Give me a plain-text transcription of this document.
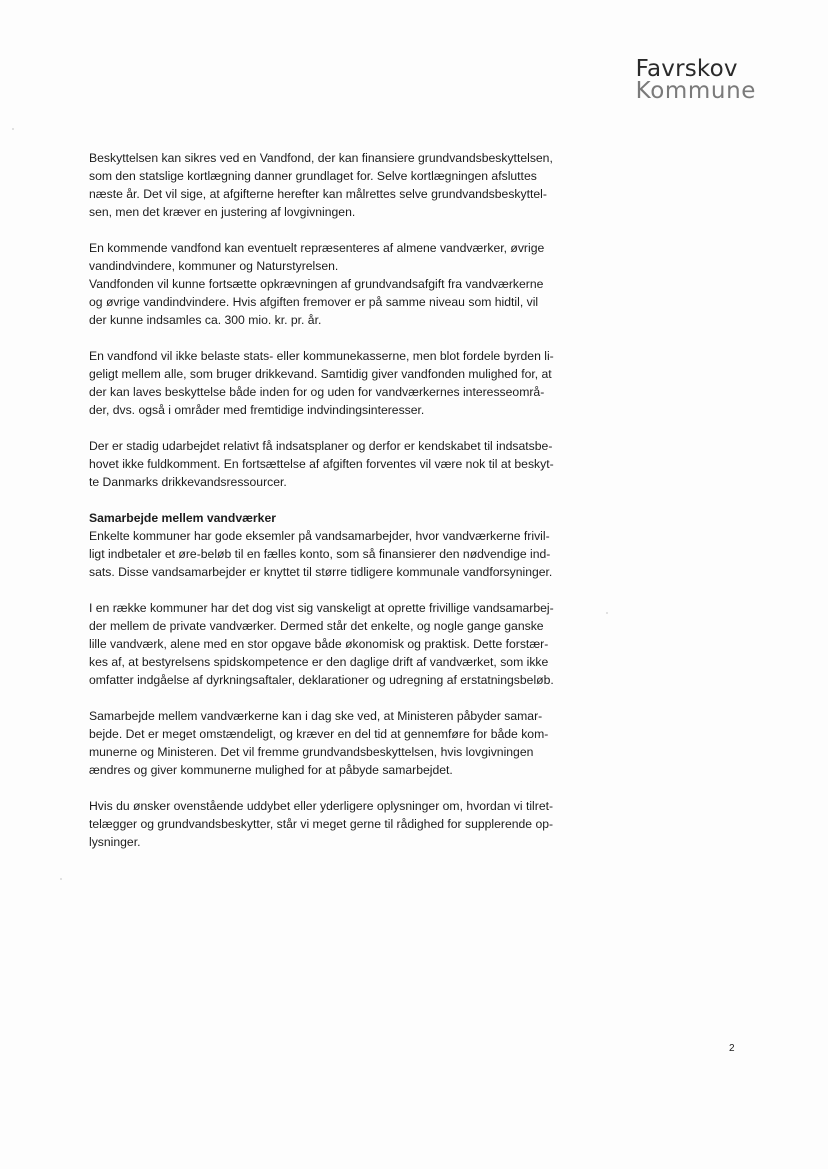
Favrskov
Kommune
Beskyttelsen kan sikres ved en Vandfond, der kan finansiere grundvandsbeskyttelsen,
som den statslige kortlægning danner grundlaget for. Selve kortlægningen afsluttes
næste år. Det vil sige, at afgifterne herefter kan målrettes selve grundvandsbeskyttel-
sen, men det kræver en justering af lovgivningen.
En kommende vandfond kan eventuelt repræsenteres af almene vandværker, øvrige
vandindvindere, kommuner og Naturstyrelsen.
Vandfonden vil kunne fortsætte opkrævningen af grundvandsafgift fra vandværkerne
og øvrige vandindvindere. Hvis afgiften fremover er på samme niveau som hidtil, vil
der kunne indsamles ca. 300 mio. kr. pr. år.
En vandfond vil ikke belaste stats- eller kommunekasserne, men blot fordele byrden li-
geligt mellem alle, som bruger drikkevand. Samtidig giver vandfonden mulighed for, at
der kan laves beskyttelse både inden for og uden for vandværkernes interesseområ-
der, dvs. også i områder med fremtidige indvindingsinteresser.
Der er stadig udarbejdet relativt få indsatsplaner og derfor er kendskabet til indsatsbe-
hovet ikke fuldkomment. En fortsættelse af afgiften forventes vil være nok til at beskyt-
te Danmarks drikkevandsressourcer.
Samarbejde mellem vandværker
Enkelte kommuner har gode eksemler på vandsamarbejder, hvor vandværkerne frivil-
ligt indbetaler et øre-beløb til en fælles konto, som så finansierer den nødvendige ind-
sats. Disse vandsamarbejder er knyttet til større tidligere kommunale vandforsyninger.
I en række kommuner har det dog vist sig vanskeligt at oprette frivillige vandsamarbej-
der mellem de private vandværker. Dermed står det enkelte, og nogle gange ganske
lille vandværk, alene med en stor opgave både økonomisk og praktisk. Dette forstær-
kes af, at bestyrelsens spidskompetence er den daglige drift af vandværket, som ikke
omfatter indgåelse af dyrkningsaftaler, deklarationer og udregning af erstatningsbeløb.
Samarbejde mellem vandværkerne kan i dag ske ved, at Ministeren påbyder samar-
bejde. Det er meget omstændeligt, og kræver en del tid at gennemføre for både kom-
munerne og Ministeren. Det vil fremme grundvandsbeskyttelsen, hvis lovgivningen
ændres og giver kommunerne mulighed for at påbyde samarbejdet.
Hvis du ønsker ovenstående uddybet eller yderligere oplysninger om, hvordan vi tilret-
telægger og grundvandsbeskytter, står vi meget gerne til rådighed for supplerende op-
lysninger.
2
